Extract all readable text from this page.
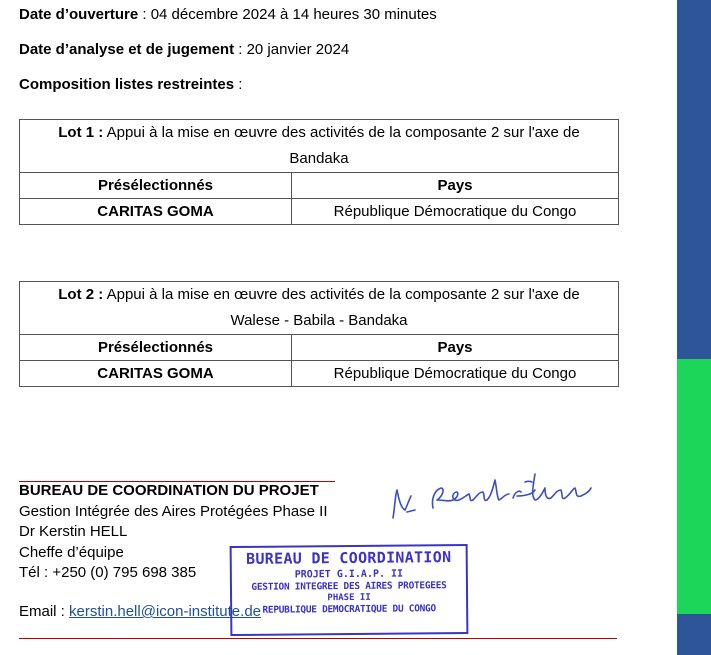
Date d’ouverture : 04 décembre 2024 à 14 heures 30 minutes
Date d’analyse et de jugement : 20 janvier 2024
Composition listes restreintes :
Lot 1 : Appui à la mise en œuvre des activités de la composante 2 sur l'axe de Bandaka	
Présélectionnés	Pays
CARITAS GOMA	République Démocratique du Congo
Lot 2 : Appui à la mise en œuvre des activités de la composante 2 sur l'axe de Walese - Babila - Bandaka	
Présélectionnés	Pays
CARITAS GOMA	République Démocratique du Congo
BUREAU DE COORDINATION DU PROJET
Gestion Intégrée des Aires Protégées Phase II
Dr Kerstin HELL
Cheffe d’équipe
Tél : +250 (0) 795 698 385
Email : kerstin.hell@icon-institute.de
BUREAU DE COORDINATION
PROJET G.I.A.P. II
GESTION INTEGREE DES AIRES PROTEGEES
PHASE II
REPUBLIQUE DEMOCRATIQUE DU CONGO
